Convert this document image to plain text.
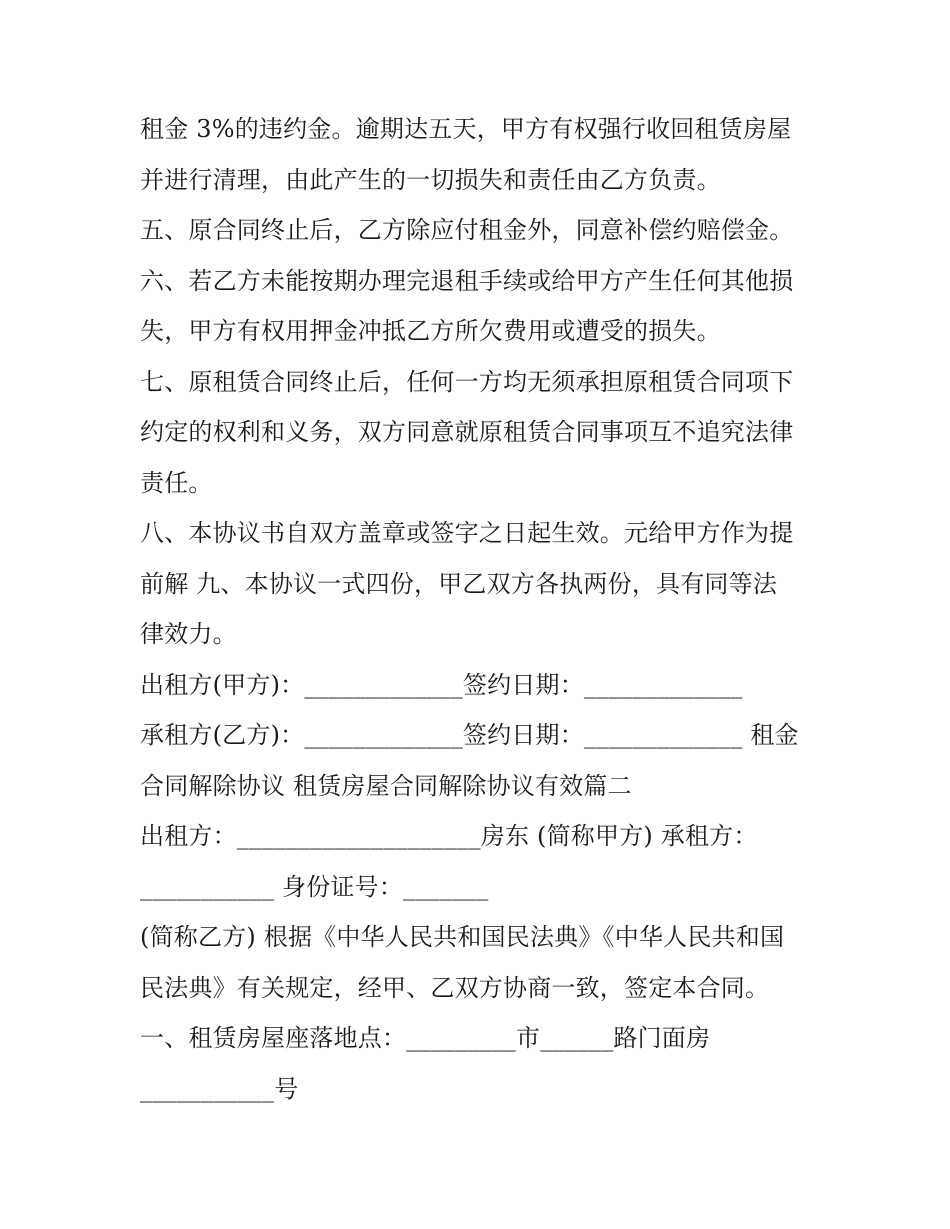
租金 3%的违约金。逾期达五天，甲方有权强行收回租赁房屋
并进行清理，由此产生的一切损失和责任由乙方负责。
五、原合同终止后，乙方除应付租金外，同意补偿约赔偿金。
六、若乙方未能按期办理完退租手续或给甲方产生任何其他损
失，甲方有权用押金冲抵乙方所欠费用或遭受的损失。
七、原租赁合同终止后，任何一方均无须承担原租赁合同项下
约定的权利和义务，双方同意就原租赁合同事项互不追究法律
责任。
八、本协议书自双方盖章或签字之日起生效。元给甲方作为提
前解 九、本协议一式四份，甲乙双方各执两份，具有同等法
律效力。
出租方(甲方)：_____________签约日期：_____________
承租方(乙方)：_____________签约日期：_____________ 租金
合同解除协议 租赁房屋合同解除协议有效篇二
出租方：____________________房东 (简称甲方) 承租方：
___________ 身份证号：_______
(简称乙方) 根据《中华人民共和国民法典》《中华人民共和国
民法典》有关规定，经甲、乙双方协商一致，签定本合同。
一、租赁房屋座落地点：_________市______路门面房
___________号
